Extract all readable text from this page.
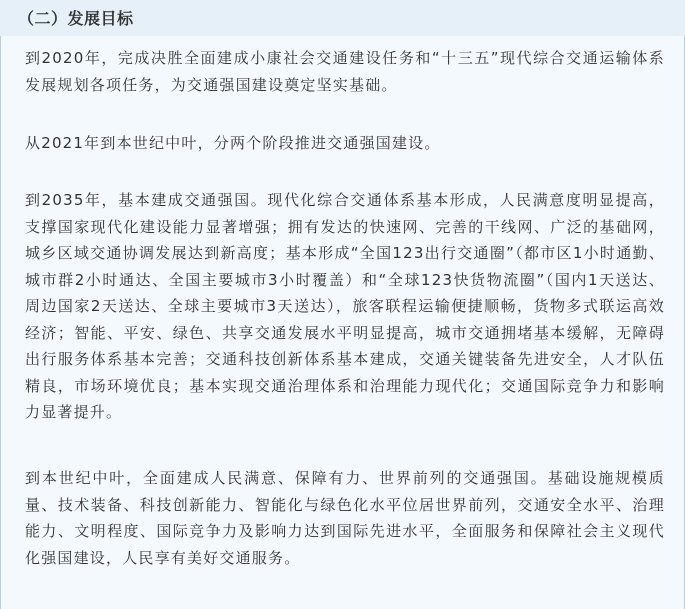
（二）发展目标

到2020年，完成决胜全面建成小康社会交通建设任务和“十三五”现代综合交通运输体系发展规划各项任务，为交通强国建设奠定坚实基础。

从2021年到本世纪中叶，分两个阶段推进交通强国建设。

到2035年，基本建成交通强国。现代化综合交通体系基本形成，人民满意度明显提高，支撑国家现代化建设能力显著增强；拥有发达的快速网、完善的干线网、广泛的基础网，城乡区域交通协调发展达到新高度；基本形成“全国123出行交通圈”（都市区1小时通勤、城市群2小时通达、全国主要城市3小时覆盖）和“全球123快货物流圈”（国内1天送达、周边国家2天送达、全球主要城市3天送达），旅客联程运输便捷顺畅，货物多式联运高效经济；智能、平安、绿色、共享交通发展水平明显提高，城市交通拥堵基本缓解，无障碍出行服务体系基本完善；交通科技创新体系基本建成，交通关键装备先进安全，人才队伍精良，市场环境优良；基本实现交通治理体系和治理能力现代化；交通国际竞争力和影响力显著提升。

到本世纪中叶，全面建成人民满意、保障有力、世界前列的交通强国。基础设施规模质量、技术装备、科技创新能力、智能化与绿色化水平位居世界前列，交通安全水平、治理能力、文明程度、国际竞争力及影响力达到国际先进水平，全面服务和保障社会主义现代化强国建设，人民享有美好交通服务。
